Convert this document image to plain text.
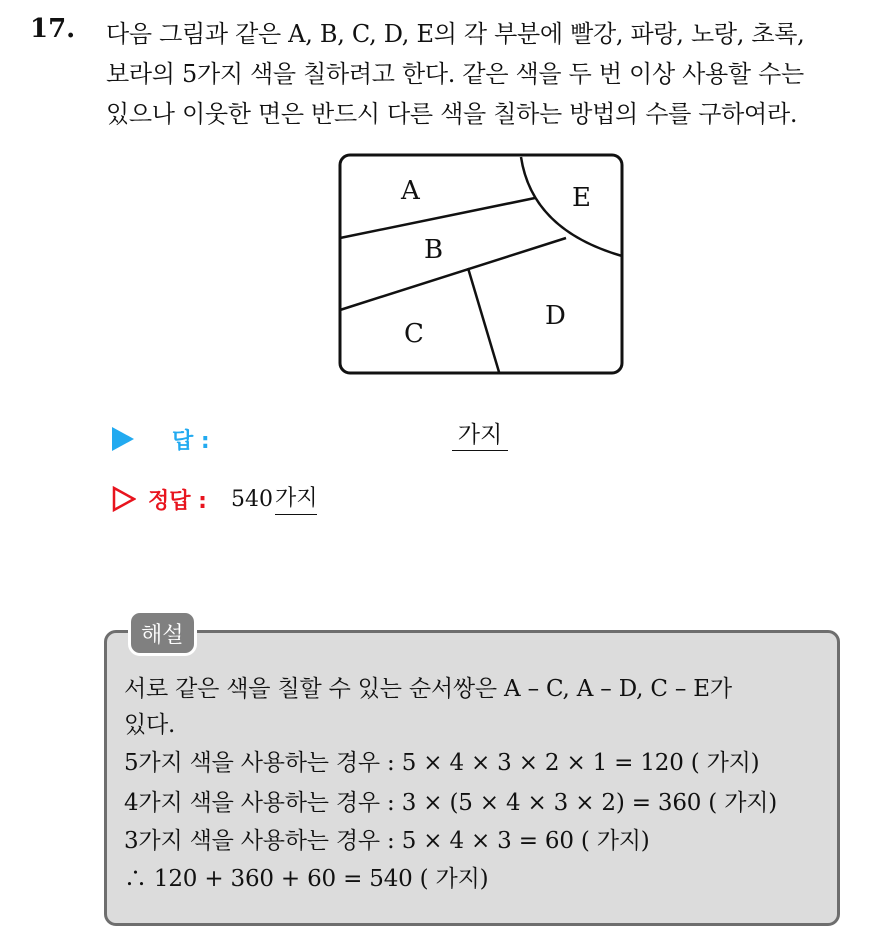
17. 다음 그림과 같은 A, B, C, D, E의 각 부분에 빨강, 파랑, 노랑, 초록,
보라의 5가지 색을 칠하려고 한다. 같은 색을 두 번 이상 사용할 수는
있으나 이웃한 면은 반드시 다른 색을 칠하는 방법의 수를 구하여라.
A
B
C
D
E
답 :	가지
정답 : 540 가지
해설
서로 같은 색을 칠할 수 있는 순서쌍은 A – C, A – D, C – E가
있다.
5가지 색을 사용하는 경우 : 5 × 4 × 3 × 2 × 1 = 120 ( 가지)
4가지 색을 사용하는 경우 : 3 × (5 × 4 × 3 × 2) = 360 ( 가지)
3가지 색을 사용하는 경우 : 5 × 4 × 3 = 60 ( 가지)
∴ 120 + 360 + 60 = 540 ( 가지)
